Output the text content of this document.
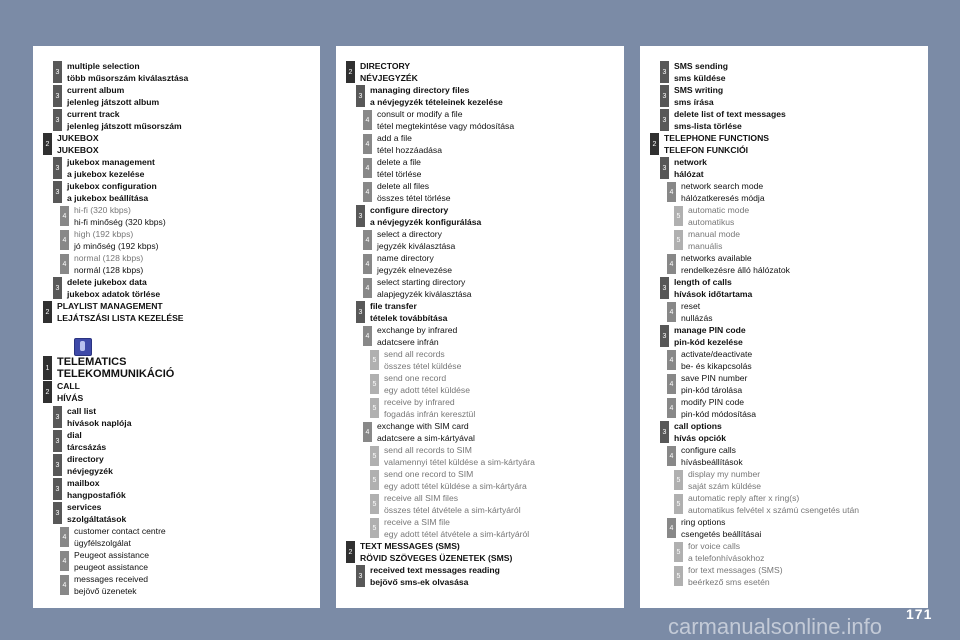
3
multiple selection
több műsorszám kiválasztása
3
current album
jelenleg játszott album
3
current track
jelenleg játszott műsorszám
2
JUKEBOX
JUKEBOX
3
jukebox management
a jukebox kezelése
3
jukebox configuration
a jukebox beállítása
4
hi-fi (320 kbps)
hi-fi minőség (320 kbps)
4
high (192 kbps)
jó minőség (192 kbps)
4
normal (128 kbps)
normál (128 kbps)
3
delete jukebox data
jukebox adatok törlése
2
PLAYLIST MANAGEMENT
LEJÁTSZÁSI LISTA KEZELÉSE
1 TELEMATICS
TELEKOMMUNIKÁCIÓ
2
CALL
HÍVÁS
3
call list
hívások naplója
3
dial
tárcsázás
3
directory
névjegyzék
3
mailbox
hangpostafiók
3
services
szolgáltatások
4
customer contact centre
ügyfélszolgálat
4
Peugeot assistance
peugeot assistance
4
messages received
bejövő üzenetek
2
DIRECTORY
NÉVJEGYZÉK
3
managing directory files
a névjegyzék tételeinek kezelése
4
consult or modify a file
tétel megtekintése vagy módosítása
4
add a file
tétel hozzáadása
4
delete a file
tétel törlése
4
delete all files
összes tétel törlése
3
configure directory
a névjegyzék konfigurálása
4
select a directory
jegyzék kiválasztása
4
name directory
jegyzék elnevezése
4
select starting directory
alapjegyzék kiválasztása
3
file transfer
tételek továbbítása
4
exchange by infrared
adatcsere infrán
5
send all records
összes tétel küldése
5
send one record
egy adott tétel küldése
5
receive by infrared
fogadás infrán keresztül
4
exchange with SIM card
adatcsere a sim-kártyával
5
send all records to SIM
valamennyi tétel küldése a sim-kártyára
5
send one record to SIM
egy adott tétel küldése a sim-kártyára
5
receive all SIM files
összes tétel átvétele a sim-kártyáról
5
receive a SIM file
egy adott tétel átvétele a sim-kártyáról
2
TEXT MESSAGES (SMS)
RÖVID SZÖVEGES ÜZENETEK (SMS)
3
received text messages reading
bejövő sms-ek olvasása
3
SMS sending
sms küldése
3
SMS writing
sms írása
3
delete list of text messages
sms-lista törlése
2
TELEPHONE FUNCTIONS
TELEFON FUNKCIÓI
3
network
hálózat
4
network search mode
hálózatkeresés módja
5
automatic mode
automatikus
5
manual mode
manuális
4
networks available
rendelkezésre álló hálózatok
3
length of calls
hívások időtartama
4
reset
nullázás
3
manage PIN code
pin-kód kezelése
4
activate/deactivate
be- és kikapcsolás
4
save PIN number
pin-kód tárolása
4
modify PIN code
pin-kód módosítása
3
call options
hívás opciók
4
configure calls
hívásbeállítások
5
display my number
saját szám küldése
5
automatic reply after x ring(s)
automatikus felvétel x számú csengetés után
4
ring options
csengetés beállításai
5
for voice calls
a telefonhívásokhoz
5
for text messages (SMS)
beérkező sms esetén
171
carmanualsonline.info
